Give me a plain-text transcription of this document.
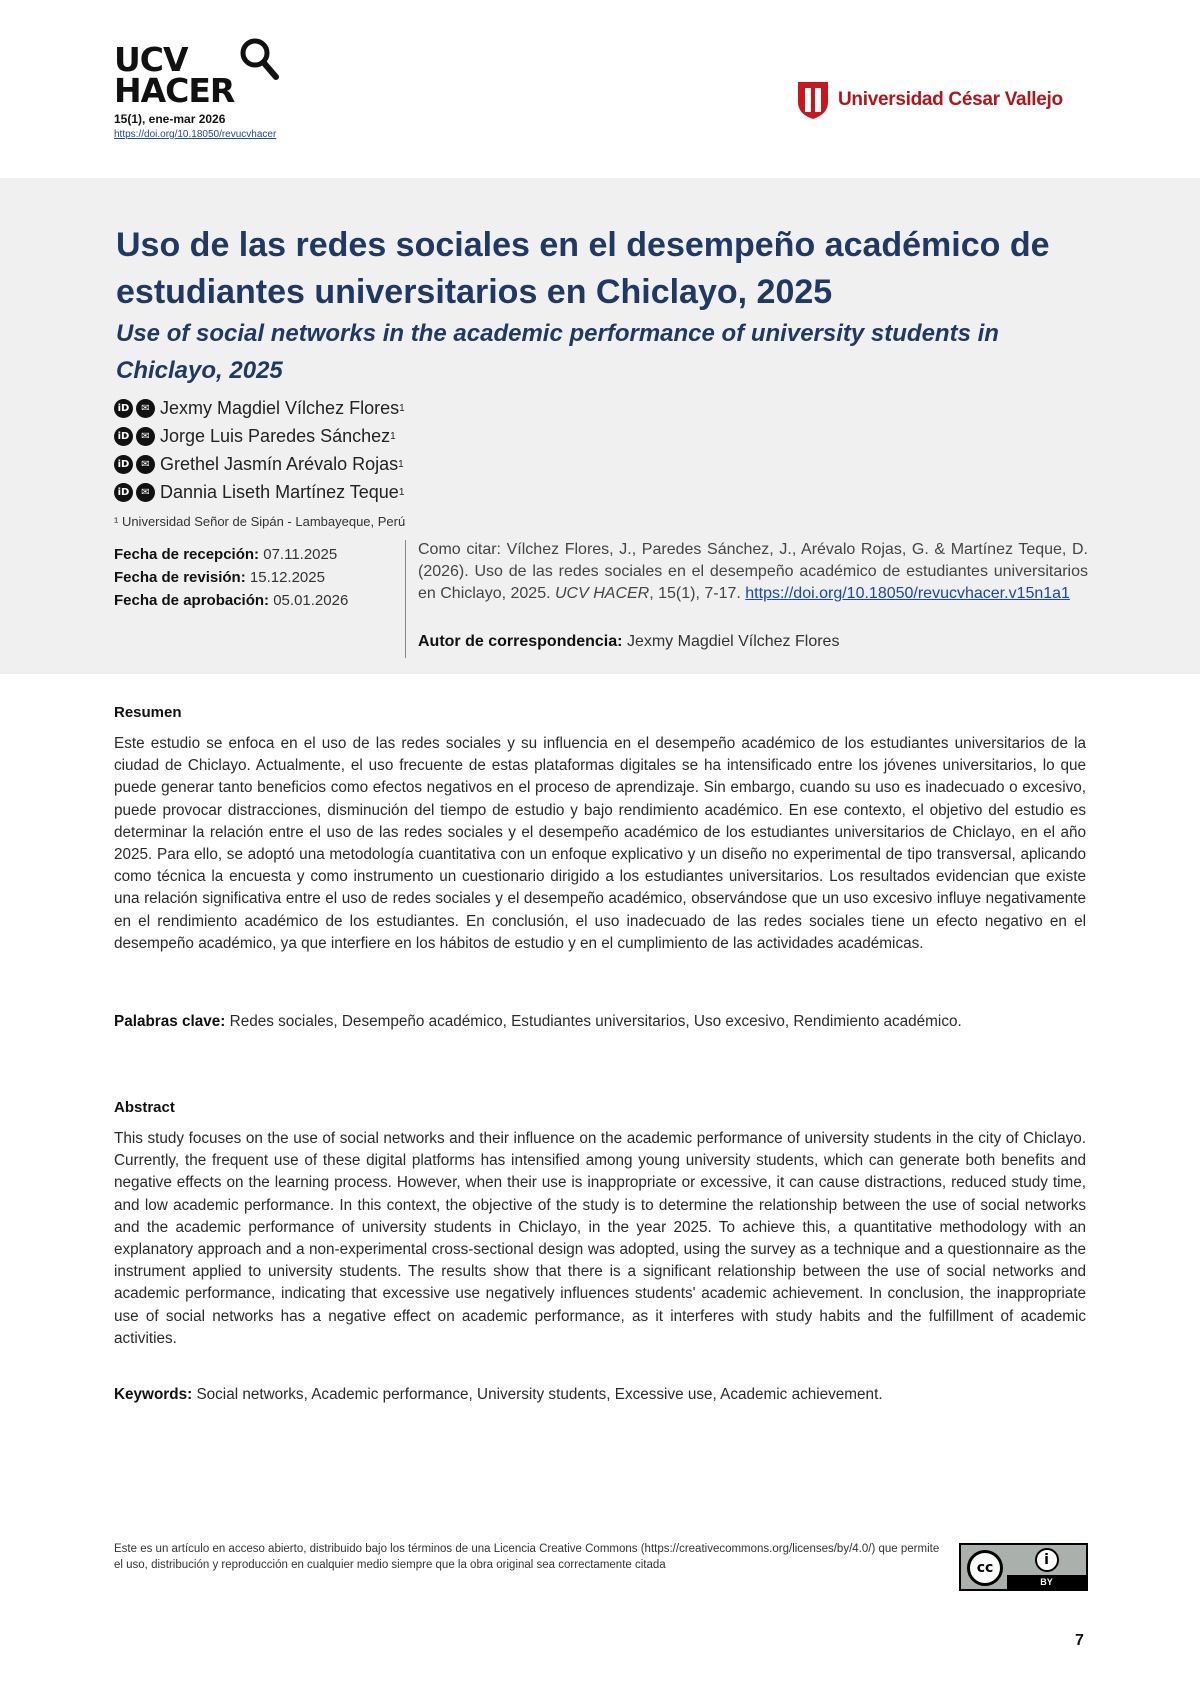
UCV
HACER
15(1), ene-mar 2026
https://doi.org/10.18050/revucvhacer
Universidad César Vallejo
Uso de las redes sociales en el desempeño académico de estudiantes universitarios en Chiclayo, 2025
Use of social networks in the academic performance of university students in Chiclayo, 2025
iD	✉ Jexmy Magdiel Vílchez Flores 1
iD	✉ Jorge Luis Paredes Sánchez 1
iD	✉ Grethel Jasmín Arévalo Rojas 1
iD	✉ Dannia Liseth Martínez Teque 1
¹ Universidad Señor de Sipán - Lambayeque, Perú
Fecha de recepción: 07.11.2025
Fecha de revisión: 15.12.2025
Fecha de aprobación: 05.01.2026
Como citar: Vílchez Flores, J., Paredes Sánchez, J., Arévalo Rojas, G. & Martínez Teque, D. (2026). Uso de las redes sociales en el desempeño académico de estudiantes universitarios en Chiclayo, 2025. UCV HACER, 15(1), 7-17. https://doi.org/10.18050/revucvhacer.v15n1a1
Autor de correspondencia: Jexmy Magdiel Vílchez Flores
Resumen

Este estudio se enfoca en el uso de las redes sociales y su influencia en el desempeño académico de los estudiantes universitarios de la ciudad de Chiclayo. Actualmente, el uso frecuente de estas plataformas digitales se ha intensificado entre los jóvenes universitarios, lo que puede generar tanto beneficios como efectos negativos en el proceso de aprendizaje. Sin embargo, cuando su uso es inadecuado o excesivo, puede provocar distracciones, disminución del tiempo de estudio y bajo rendimiento académico. En ese contexto, el objetivo del estudio es determinar la relación entre el uso de las redes sociales y el desempeño académico de los estudiantes universitarios de Chiclayo, en el año 2025. Para ello, se adoptó una metodología cuantitativa con un enfoque explicativo y un diseño no experimental de tipo transversal, aplicando como técnica la encuesta y como instrumento un cuestionario dirigido a los estudiantes universitarios. Los resultados evidencian que existe una relación significativa entre el uso de redes sociales y el desempeño académico, observándose que un uso excesivo influye negativamente en el rendimiento académico de los estudiantes. En conclusión, el uso inadecuado de las redes sociales tiene un efecto negativo en el desempeño académico, ya que interfiere en los hábitos de estudio y en el cumplimiento de las actividades académicas.

Palabras clave: Redes sociales, Desempeño académico, Estudiantes universitarios, Uso excesivo, Rendimiento académico.

Abstract

This study focuses on the use of social networks and their influence on the academic performance of university students in the city of Chiclayo. Currently, the frequent use of these digital platforms has intensified among young university students, which can generate both benefits and negative effects on the learning process. However, when their use is inappropriate or excessive, it can cause distractions, reduced study time, and low academic performance. In this context, the objective of the study is to determine the relationship between the use of social networks and the academic performance of university students in Chiclayo, in the year 2025. To achieve this, a quantitative methodology with an explanatory approach and a non-experimental cross-sectional design was adopted, using the survey as a technique and a questionnaire as the instrument applied to university students. The results show that there is a significant relationship between the use of social networks and academic performance, indicating that excessive use negatively influences students' academic achievement. In conclusion, the inappropriate use of social networks has a negative effect on academic performance, as it interferes with study habits and the fulfillment of academic activities.

Keywords: Social networks, Academic performance, University students, Excessive use, Academic achievement.

Este es un artículo en acceso abierto, distribuido bajo los términos de una Licencia Creative Commons (https://creativecommons.org/licenses/by/4.0/) que permite el uso, distribución y reproducción en cualquier medio siempre que la obra original sea correctamente citada	cc	i
BY
7
